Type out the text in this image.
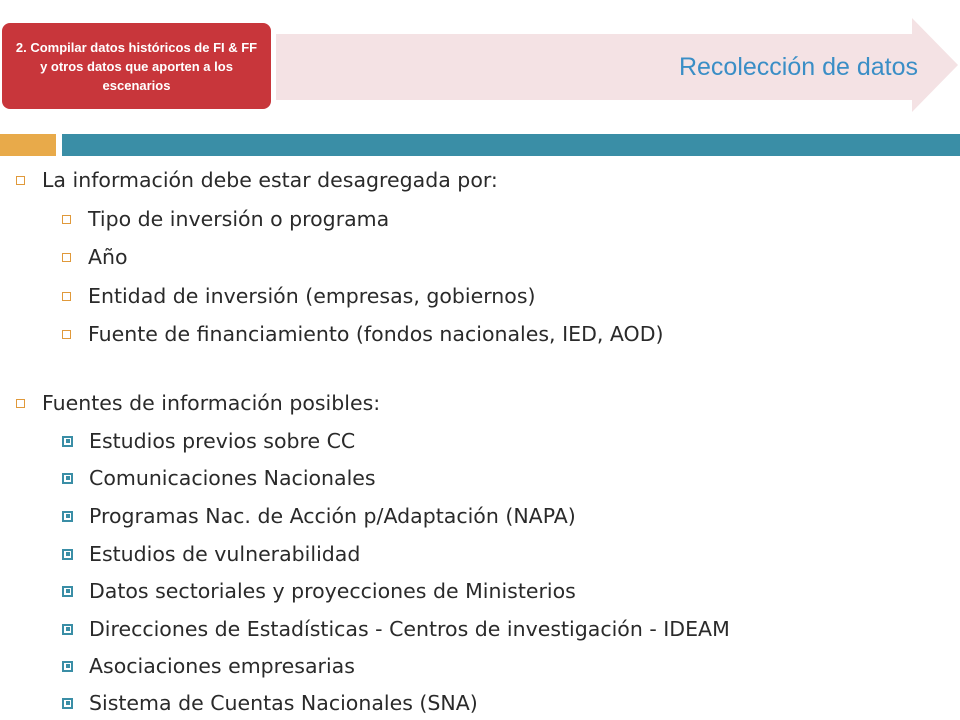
2. Compilar datos históricos de FI & FF y otros datos que aporten a los escenarios
Recolección de datos
La información debe estar desagregada por:
Tipo de inversión o programa
Año
Entidad de inversión (empresas, gobiernos)
Fuente de financiamiento (fondos nacionales, IED, AOD)
Fuentes de información posibles:
Estudios previos sobre CC
Comunicaciones Nacionales
Programas Nac. de Acción p/Adaptación (NAPA)
Estudios de vulnerabilidad
Datos sectoriales y proyecciones de Ministerios
Direcciones de Estadísticas - Centros de investigación - IDEAM
Asociaciones empresarias
Sistema de Cuentas Nacionales (SNA)
